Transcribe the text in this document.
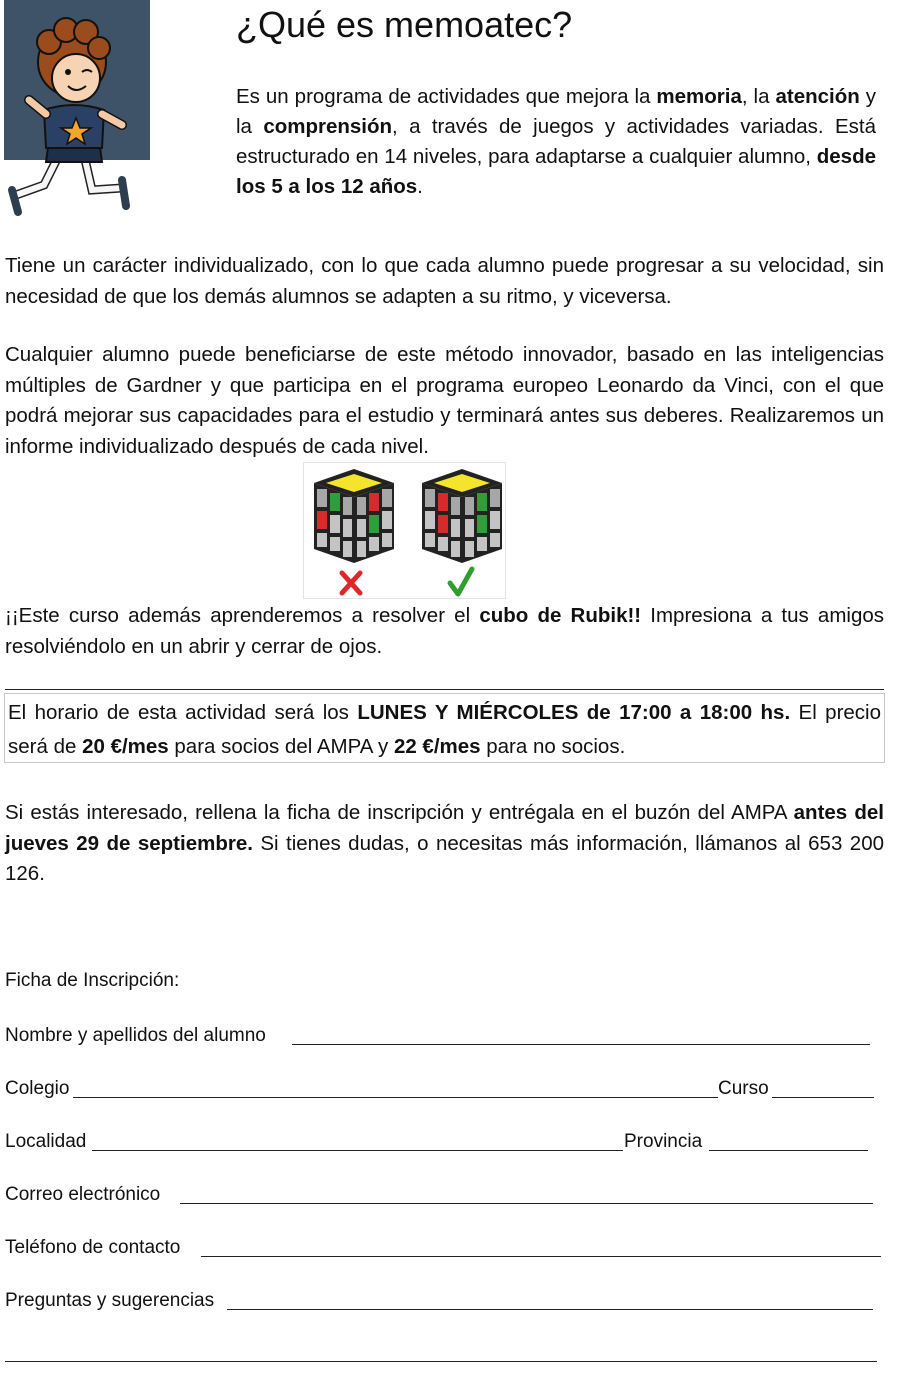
¿Qué es memoatec?
Es un programa de actividades que mejora la memoria, la atención y la comprensión, a través de juegos y actividades variadas. Está estructurado en 14 niveles, para adaptarse a cualquier alumno, desde los 5 a los 12 años.
Tiene un carácter individualizado, con lo que cada alumno puede progresar a su velocidad, sin necesidad de que los demás alumnos se adapten a su ritmo, y viceversa.
Cualquier alumno puede beneficiarse de este método innovador, basado en las inteligencias múltiples de Gardner y que participa en el programa europeo Leonardo da Vinci, con el que podrá mejorar sus capacidades para el estudio y terminará antes sus deberes. Realizaremos un informe individualizado después de cada nivel.
¡¡Este curso además aprenderemos a resolver el cubo de Rubik!! Impresiona a tus amigos resolviéndolo en un abrir y cerrar de ojos.
El horario de esta actividad será los LUNES Y MIÉRCOLES de 17:00 a 18:00 hs. El precio será de 20 €/mes para socios del AMPA y 22 €/mes para no socios.
Si estás interesado, rellena la ficha de inscripción y entrégala en el buzón del AMPA antes del jueves 29 de septiembre. Si tienes dudas, o necesitas más información, llámanos al 653 200 126.
Ficha de Inscripción:
Nombre y apellidos del alumno
Colegio	Curso
Localidad	Provincia
Correo electrónico
Teléfono de contacto
Preguntas y sugerencias
